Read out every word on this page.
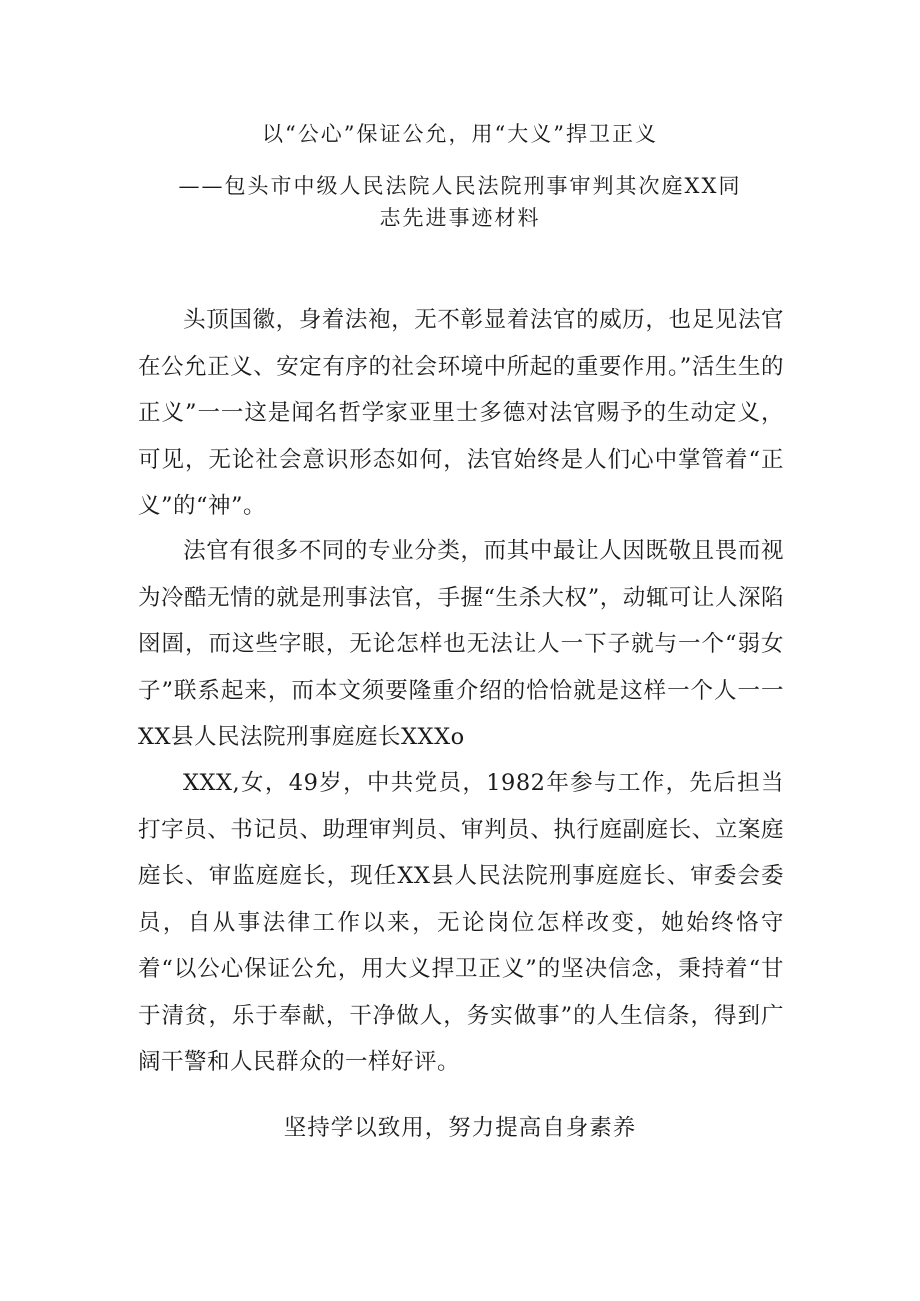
以“公心”保证公允，用“大义”捍卫正义
——包头市中级人民法院人民法院刑事审判其次庭XX同
志先进事迹材料
头顶国徽，身着法袍，无不彰显着法官的威历，也足见法官在公允正义、安定有序的社会环境中所起的重要作用。”活生生的正义”一一这是闻名哲学家亚里士多德对法官赐予的生动定义，可见，无论社会意识形态如何，法官始终是人们心中掌管着“正义”的“神”。
法官有很多不同的专业分类，而其中最让人因既敬且畏而视为冷酷无情的就是刑事法官，手握“生杀大权”，动辄可让人深陷囹圄，而这些字眼，无论怎样也无法让人一下子就与一个“弱女子”联系起来，而本文须要隆重介绍的恰恰就是这样一个人一一XX县人民法院刑事庭庭长XXXo
XXX,女，49岁，中共党员，1982年参与工作，先后担当打字员、书记员、助理审判员、审判员、执行庭副庭长、立案庭庭长、审监庭庭长，现任XX县人民法院刑事庭庭长、审委会委员，自从事法律工作以来，无论岗位怎样改变，她始终恪守着“以公心保证公允，用大义捍卫正义”的坚决信念，秉持着“甘于清贫，乐于奉献，干净做人，务实做事”的人生信条，得到广阔干警和人民群众的一样好评。
坚持学以致用，努力提高自身素养
